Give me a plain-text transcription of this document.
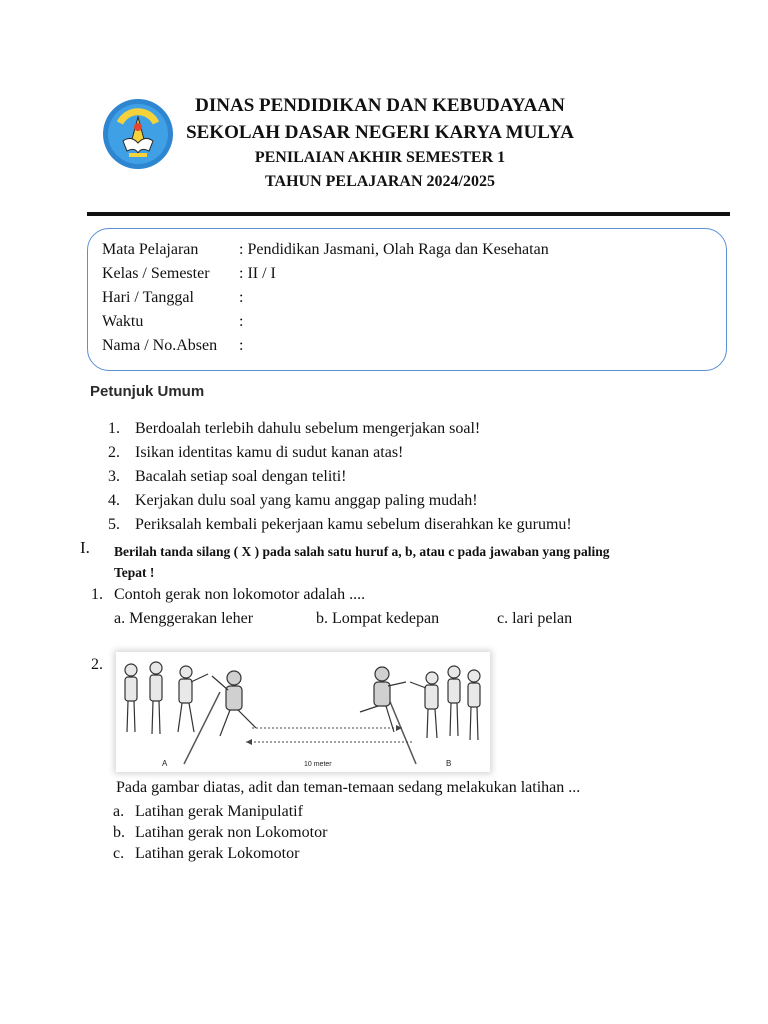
DINAS PENDIDIKAN DAN KEBUDAYAAN
SEKOLAH DASAR NEGERI KARYA MULYA
PENILAIAN AKHIR SEMESTER 1
TAHUN PELAJARAN 2024/2025
Mata Pelajaran	: Pendidikan Jasmani, Olah Raga dan Kesehatan
Kelas / Semester : II / I
Hari / Tanggal	:
Waktu	:
Nama / No.Absen :
Petunjuk Umum
1. Berdoalah terlebih dahulu sebelum mengerjakan soal!
2. Isikan identitas kamu di sudut kanan atas!
3. Bacalah setiap soal dengan teliti!
4. Kerjakan dulu soal yang kamu anggap paling mudah!
5. Periksalah kembali pekerjaan kamu sebelum diserahkan ke gurumu!
I. Berilah tanda silang ( X ) pada salah satu huruf a, b, atau c pada jawaban yang paling Tepat !
1. Contoh gerak non lokomotor adalah ....
a. Menggerakan leher	b. Lompat kedepan	c. lari pelan
2.
A	10 meter	B
Pada gambar diatas, adit dan teman-temaan sedang melakukan latihan ...
a. Latihan gerak Manipulatif
b. Latihan gerak non Lokomotor
c. Latihan gerak Lokomotor
